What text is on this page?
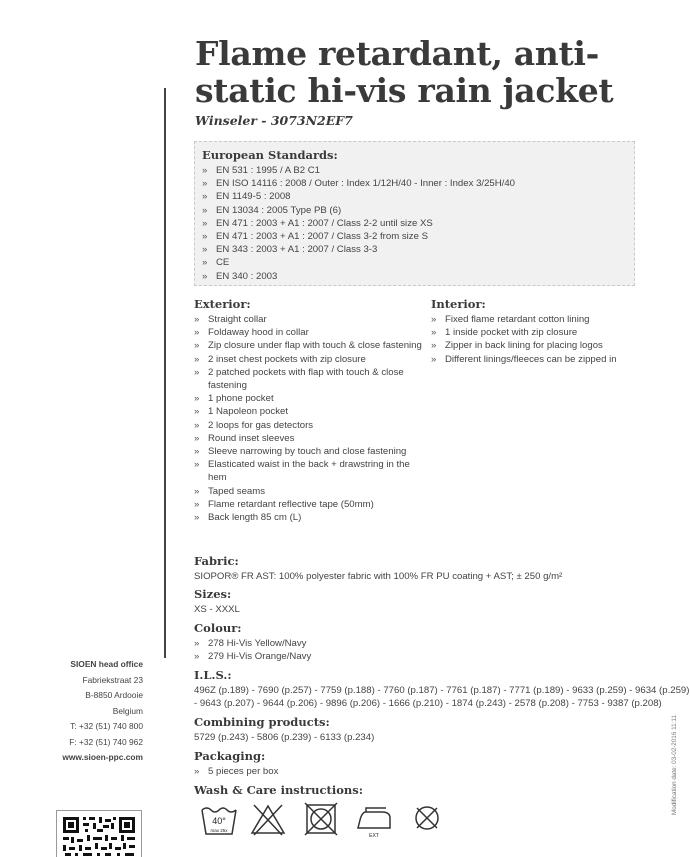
Flame retardant, anti-static hi-vis rain jacket
Winseler - 3073N2EF7
European Standards:
» EN 531 : 1995 / A B2 C1
» EN ISO 14116 : 2008 / Outer : Index 1/12H/40 - Inner : Index 3/25H/40
» EN 1149-5 : 2008
» EN 13034 : 2005 Type PB (6)
» EN 471 : 2003 + A1 : 2007 / Class 2-2 until size XS
» EN 471 : 2003 + A1 : 2007 / Class 3-2 from size S
» EN 343 : 2003 + A1 : 2007 / Class 3-3
» CE
» EN 340 : 2003
Exterior:
» Straight collar
» Foldaway hood in collar
» Zip closure under flap with touch & close fastening
» 2 inset chest pockets with zip closure
» 2 patched pockets with flap with touch & close fastening
» 1 phone pocket
» 1 Napoleon pocket
» 2 loops for gas detectors
» Round inset sleeves
» Sleeve narrowing by touch and close fastening
» Elasticated waist in the back + drawstring in the hem
» Taped seams
» Flame retardant reflective tape (50mm)
» Back length 85 cm (L)
Interior:
» Fixed flame retardant cotton lining
» 1 inside pocket with zip closure
» Zipper in back lining for placing logos
» Different linings/fleeces can be zipped in
Fabric:
SIOPOR® FR AST: 100% polyester fabric with 100% FR PU coating + AST; ± 250 g/m²
Sizes:
XS - XXXL
Colour:
» 278 Hi-Vis Yellow/Navy
» 279 Hi-Vis Orange/Navy
I.L.S.:
496Z (p.189) - 7690 (p.257) - 7759 (p.188) - 7760 (p.187) - 7761 (p.187) - 7771 (p.189) - 9633 (p.259) - 9634 (p.259)
- 9643 (p.207) - 9644 (p.206) - 9896 (p.206) - 1666 (p.210) - 1874 (p.243) - 2578 (p.208) - 7753 - 9387 (p.208)
Combining products:
5729 (p.243) - 5806 (p.239) - 6133 (p.234)
Packaging:
» 5 pieces per box
Wash & Care instructions:
40°
max 25x
EXT
SIOEN head office
Fabriekstraat 23
B-8850 Ardooie
Belgium
T: +32 (51) 740 800
F: +32 (51) 740 962
www.sioen-ppc.com	Modification date: 03-02-2016 11:11
